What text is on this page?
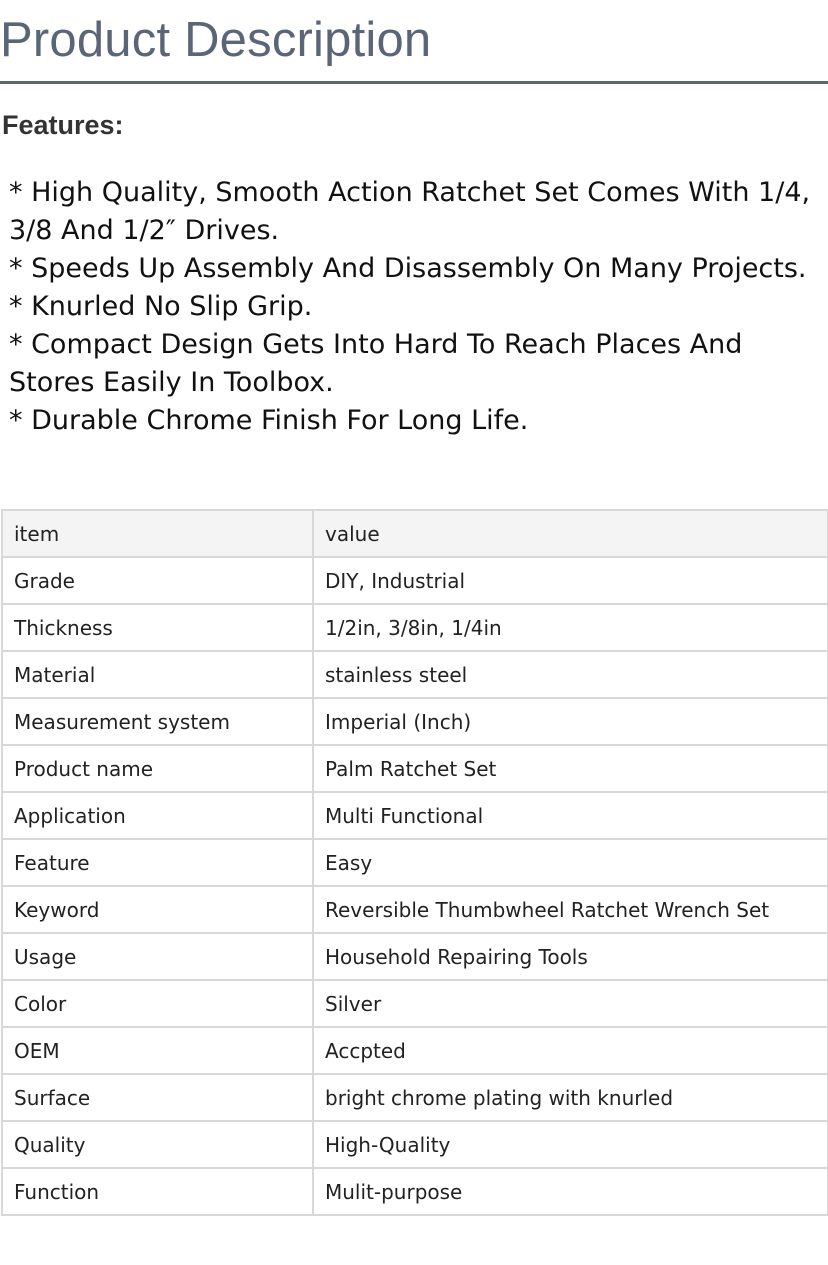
Product Description
Features:
* High Quality, Smooth Action Ratchet Set Comes With 1/4, 3/8 And 1/2″ Drives.
* Speeds Up Assembly And Disassembly On Many Projects.
* Knurled No Slip Grip.
* Compact Design Gets Into Hard To Reach Places And Stores Easily In Toolbox.
* Durable Chrome Finish For Long Life.
item	value
Grade	DIY, Industrial
Thickness	1/2in, 3/8in, 1/4in
Material	stainless steel
Measurement system	Imperial (Inch)
Product name	Palm Ratchet Set
Application	Multi Functional
Feature	Easy
Keyword	Reversible Thumbwheel Ratchet Wrench Set
Usage	Household Repairing Tools
Color	Silver
OEM	Accpted
Surface	bright chrome plating with knurled
Quality	High-Quality
Function	Mulit-purpose
